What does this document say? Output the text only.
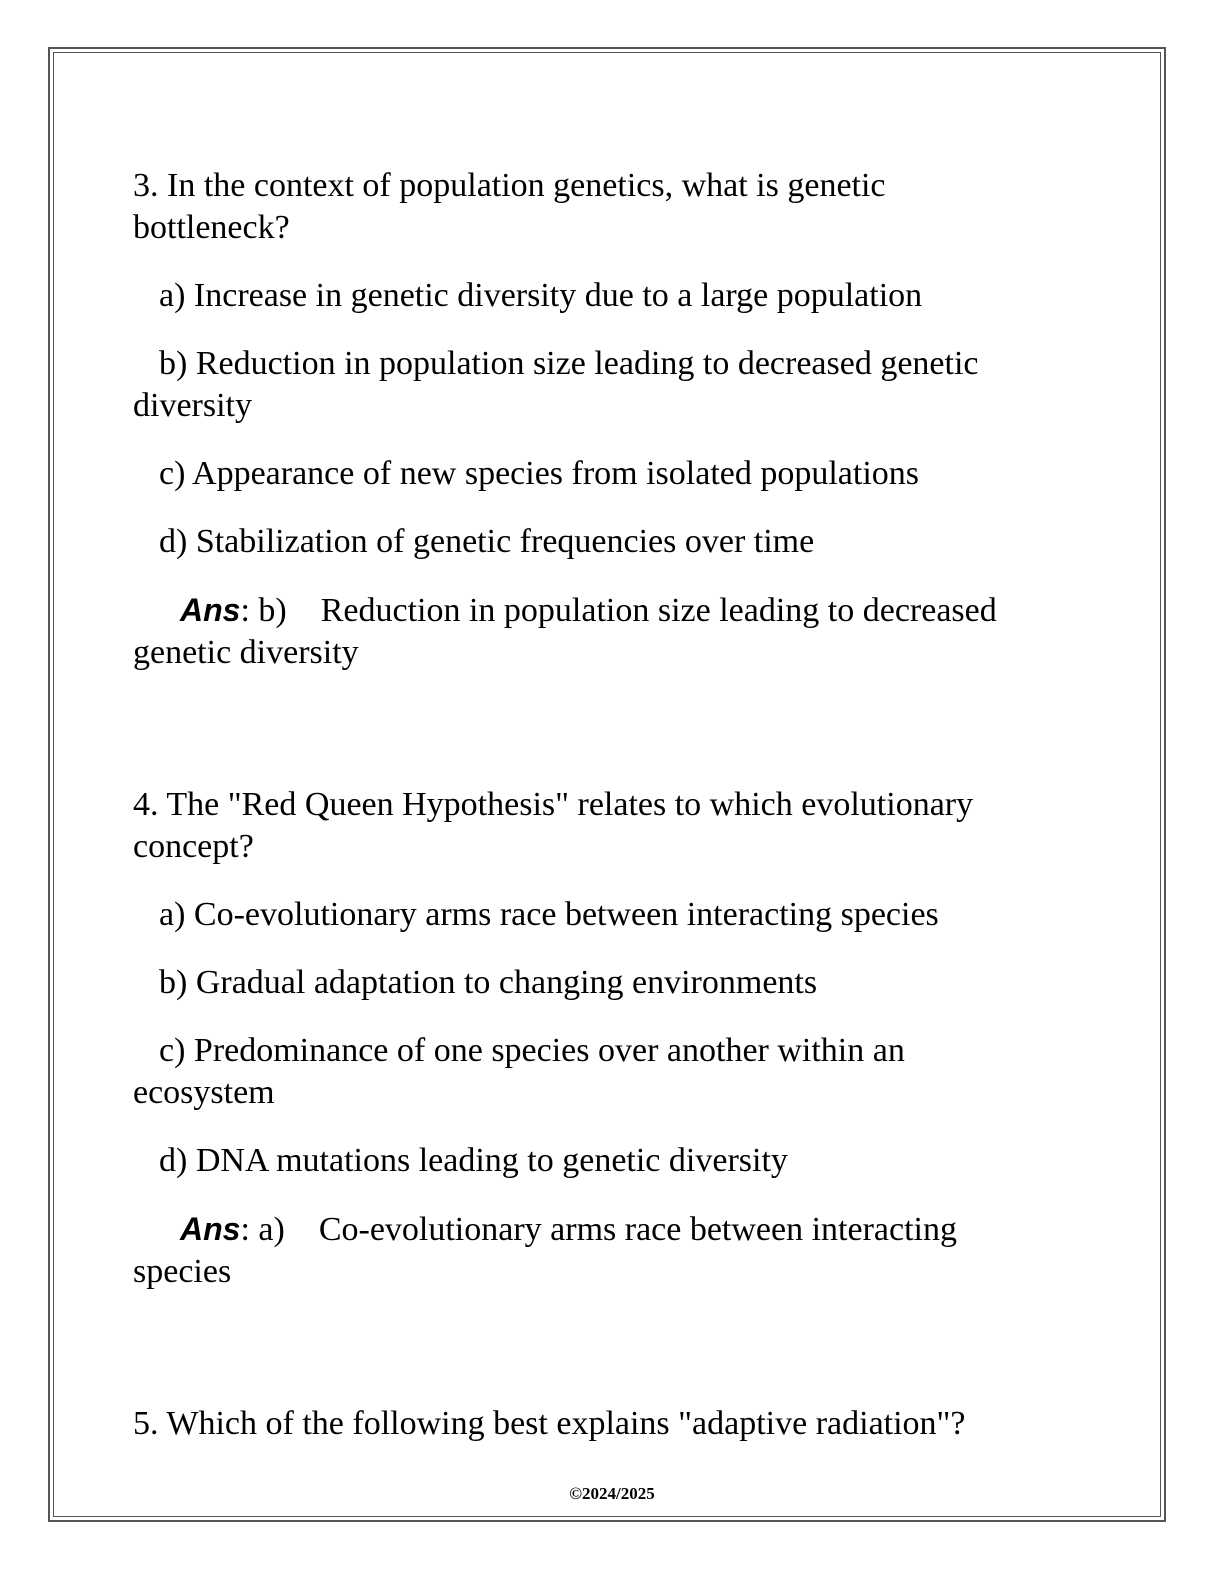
3. In the context of population genetics, what is genetic bottleneck?

a) Increase in genetic diversity due to a large population

b) Reduction in population size leading to decreased genetic diversity

c) Appearance of new species from isolated populations

d) Stabilization of genetic frequencies over time

Ans: b)    Reduction in population size leading to decreased genetic diversity

4. The "Red Queen Hypothesis" relates to which evolutionary concept?

a) Co-evolutionary arms race between interacting species

b) Gradual adaptation to changing environments

c) Predominance of one species over another within an ecosystem

d) DNA mutations leading to genetic diversity

Ans: a)    Co-evolutionary arms race between interacting species

5. Which of the following best explains "adaptive radiation"?

©2024/2025
